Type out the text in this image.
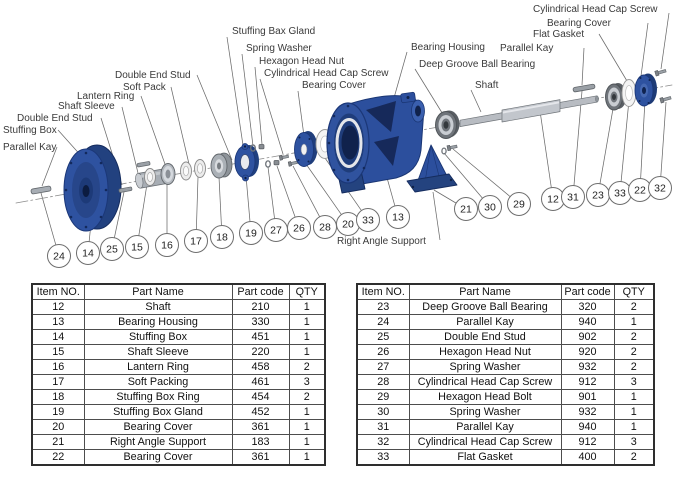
Stuffing Bax Gland
Spring Washer
Hexagon Head Nut
Cylindrical Head Cap Screw
Bearing Cover
Double End Stud
Soft Pack
Lantern Ring
Shaft Sleeve
Double End Stud
Stuffing Box
Parallel Kay
Bearing Housing
Deep Groove Ball Bearing
Shaft
Parallel Kay
Flat Gasket
Bearing Cover
Cylindrical Head Cap Screw
Right Angle Support
24 14 25 15 16 17 18 19 27 26 28 20 33 13
21 30 29 12 31 23 33 22 32
Item NO.	Part Name	Part code	QTY
12	Shaft	210	1
13	Bearing Housing	330	1
14	Stuffing Box	451	1
15	Shaft Sleeve	220	1
16	Lantern Ring	458	2
17	Soft Packing	461	3
18	Stuffing Box Ring	454	2
19	Stuffing Box Gland	452	1
20	Bearing Cover	361	1
21	Right Angle Support	183	1
22	Bearing Cover	361	1
Item NO.	Part Name	Part code	QTY
23	Deep Groove Ball Bearing	320	2
24	Parallel Kay	940	1
25	Double End Stud	902	2
26	Hexagon Head Nut	920	2
27	Spring Washer	932	2
28	Cylindrical Head Cap Screw	912	3
29	Hexagon Head Bolt	901	1
30	Spring Washer	932	1
31	Parallel Kay	940	1
32	Cylindrical Head Cap Screw	912	3
33	Flat Gasket	400	2
